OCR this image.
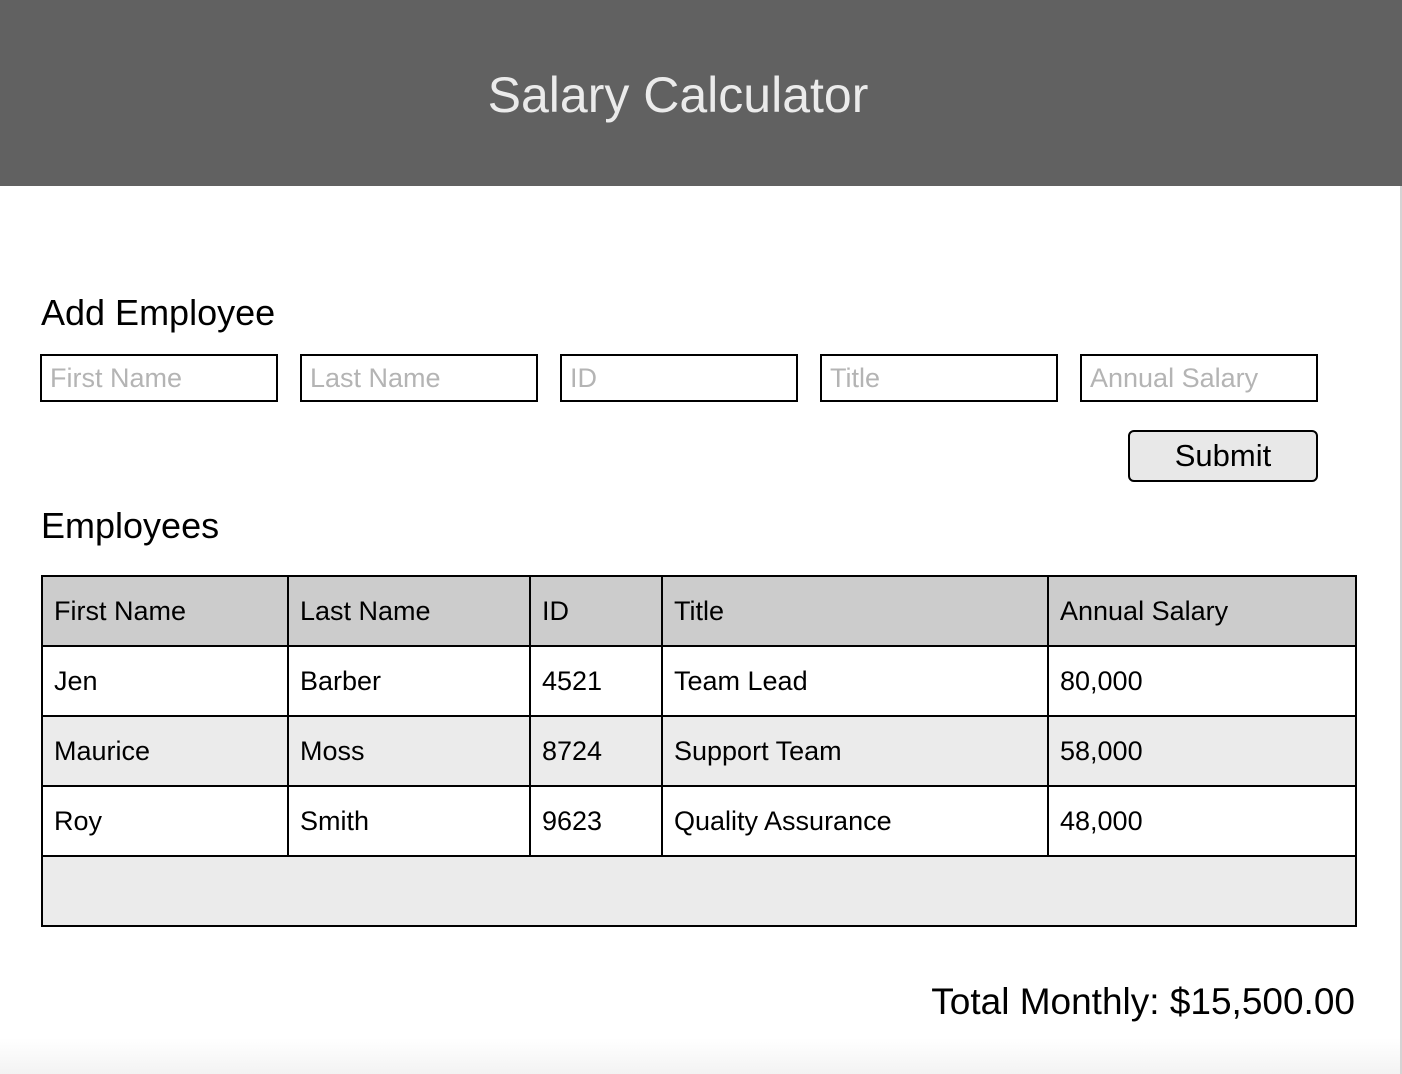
Salary Calculator
Add Employee
First Name
Last Name
ID
Title
Annual Salary
Submit
Employees
First Name	Last Name	ID	Title	Annual Salary
Jen	Barber	4521	Team Lead	80,000
Maurice	Moss	8724	Support Team	58,000
Roy	Smith	9623	Quality Assurance	48,000

Total Monthly: $15,500.00
